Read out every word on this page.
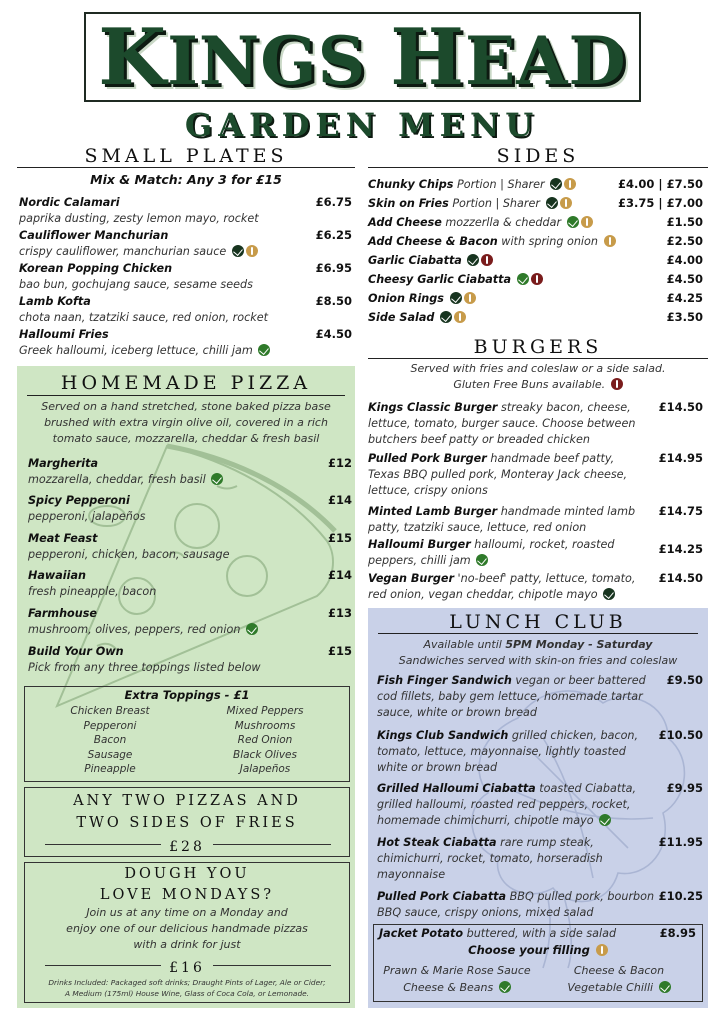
KINGS HEAD
GARDEN MENU
SMALL PLATES
Mix & Match: Any 3 for £15
Nordic Calamari
paprika dusting, zesty lemon mayo, rocket
£6.75
Cauliflower Manchurian
crispy cauliflower, manchurian sauce
£6.25
Korean Popping Chicken
bao bun, gochujang sauce, sesame seeds
£6.95
Lamb Kofta
chota naan, tzatziki sauce, red onion, rocket
£8.50
Halloumi Fries
Greek halloumi, iceberg lettuce, chilli jam
£4.50
SIDES
Chunky Chips Portion | Sharer	£4.00 | £7.50
Skin on Fries Portion | Sharer	£3.75 | £7.00
Add Cheese mozzerlla & cheddar	£1.50
Add Cheese & Bacon with spring onion	£2.50
Garlic Ciabatta	£4.00
Cheesy Garlic Ciabatta	£4.50
Onion Rings	£4.25
Side Salad	£3.50
BURGERS
Served with fries and coleslaw or a side salad.
Gluten Free Buns available.
Kings Classic Burger streaky bacon, cheese,
lettuce, tomato, burger sauce. Choose between
butchers beef patty or breaded chicken
£14.50
Pulled Pork Burger handmade beef patty,
Texas BBQ pulled pork, Monteray Jack cheese,
lettuce, crispy onions
£14.95
Minted Lamb Burger handmade minted lamb
patty, tzatziki sauce, lettuce, red onion
£14.75
Halloumi Burger halloumi, rocket, roasted
peppers, chilli jam
£14.25
Vegan Burger 'no-beef' patty, lettuce, tomato,
red onion, vegan cheddar, chipotle mayo
£14.50
HOMEMADE PIZZA
Served on a hand stretched, stone baked pizza base
brushed with extra virgin olive oil, covered in a rich
tomato sauce, mozzarella, cheddar & fresh basil
Margherita
mozzarella, cheddar, fresh basil
£12
Spicy Pepperoni
pepperoni, jalapeños
£14
Meat Feast
pepperoni, chicken, bacon, sausage
£15
Hawaiian
fresh pineapple, bacon
£14
Farmhouse
mushroom, olives, peppers, red onion
£13
Build Your Own
Pick from any three toppings listed below
£15
Extra Toppings - £1
Chicken Breast
Pepperoni
Bacon
Sausage
Pineapple
Mixed Peppers
Mushrooms
Red Onion
Black Olives
Jalapeños
ANY TWO PIZZAS AND
TWO SIDES OF FRIES
£28
DOUGH YOU
LOVE MONDAYS?
Join us at any time on a Monday and
enjoy one of our delicious handmade pizzas
with a drink for just
£16
Drinks Included: Packaged soft drinks; Draught Pints of Lager, Ale or Cider;
A Medium (175ml) House Wine, Glass of Coca Cola, or Lemonade.
LUNCH CLUB
Available until 5PM Monday - Saturday
Sandwiches served with skin-on fries and coleslaw
Fish Finger Sandwich vegan or beer battered
cod fillets, baby gem lettuce, homemade tartar
sauce, white or brown bread
£9.50
Kings Club Sandwich grilled chicken, bacon,
tomato, lettuce, mayonnaise, lightly toasted
white or brown bread
£10.50
Grilled Halloumi Ciabatta toasted Ciabatta,
grilled halloumi, roasted red peppers, rocket,
homemade chimichurri, chipotle mayo
£9.95
Hot Steak Ciabatta rare rump steak,
chimichurri, rocket, tomato, horseradish
mayonnaise
£11.95
Pulled Pork Ciabatta BBQ pulled pork, bourbon
BBQ sauce, crispy onions, mixed salad
£10.25
Jacket Potato buttered, with a side salad	£8.95
Choose your filling
Prawn & Marie Rose Sauce	Cheese & Bacon
Cheese & Beans	Vegetable Chilli
